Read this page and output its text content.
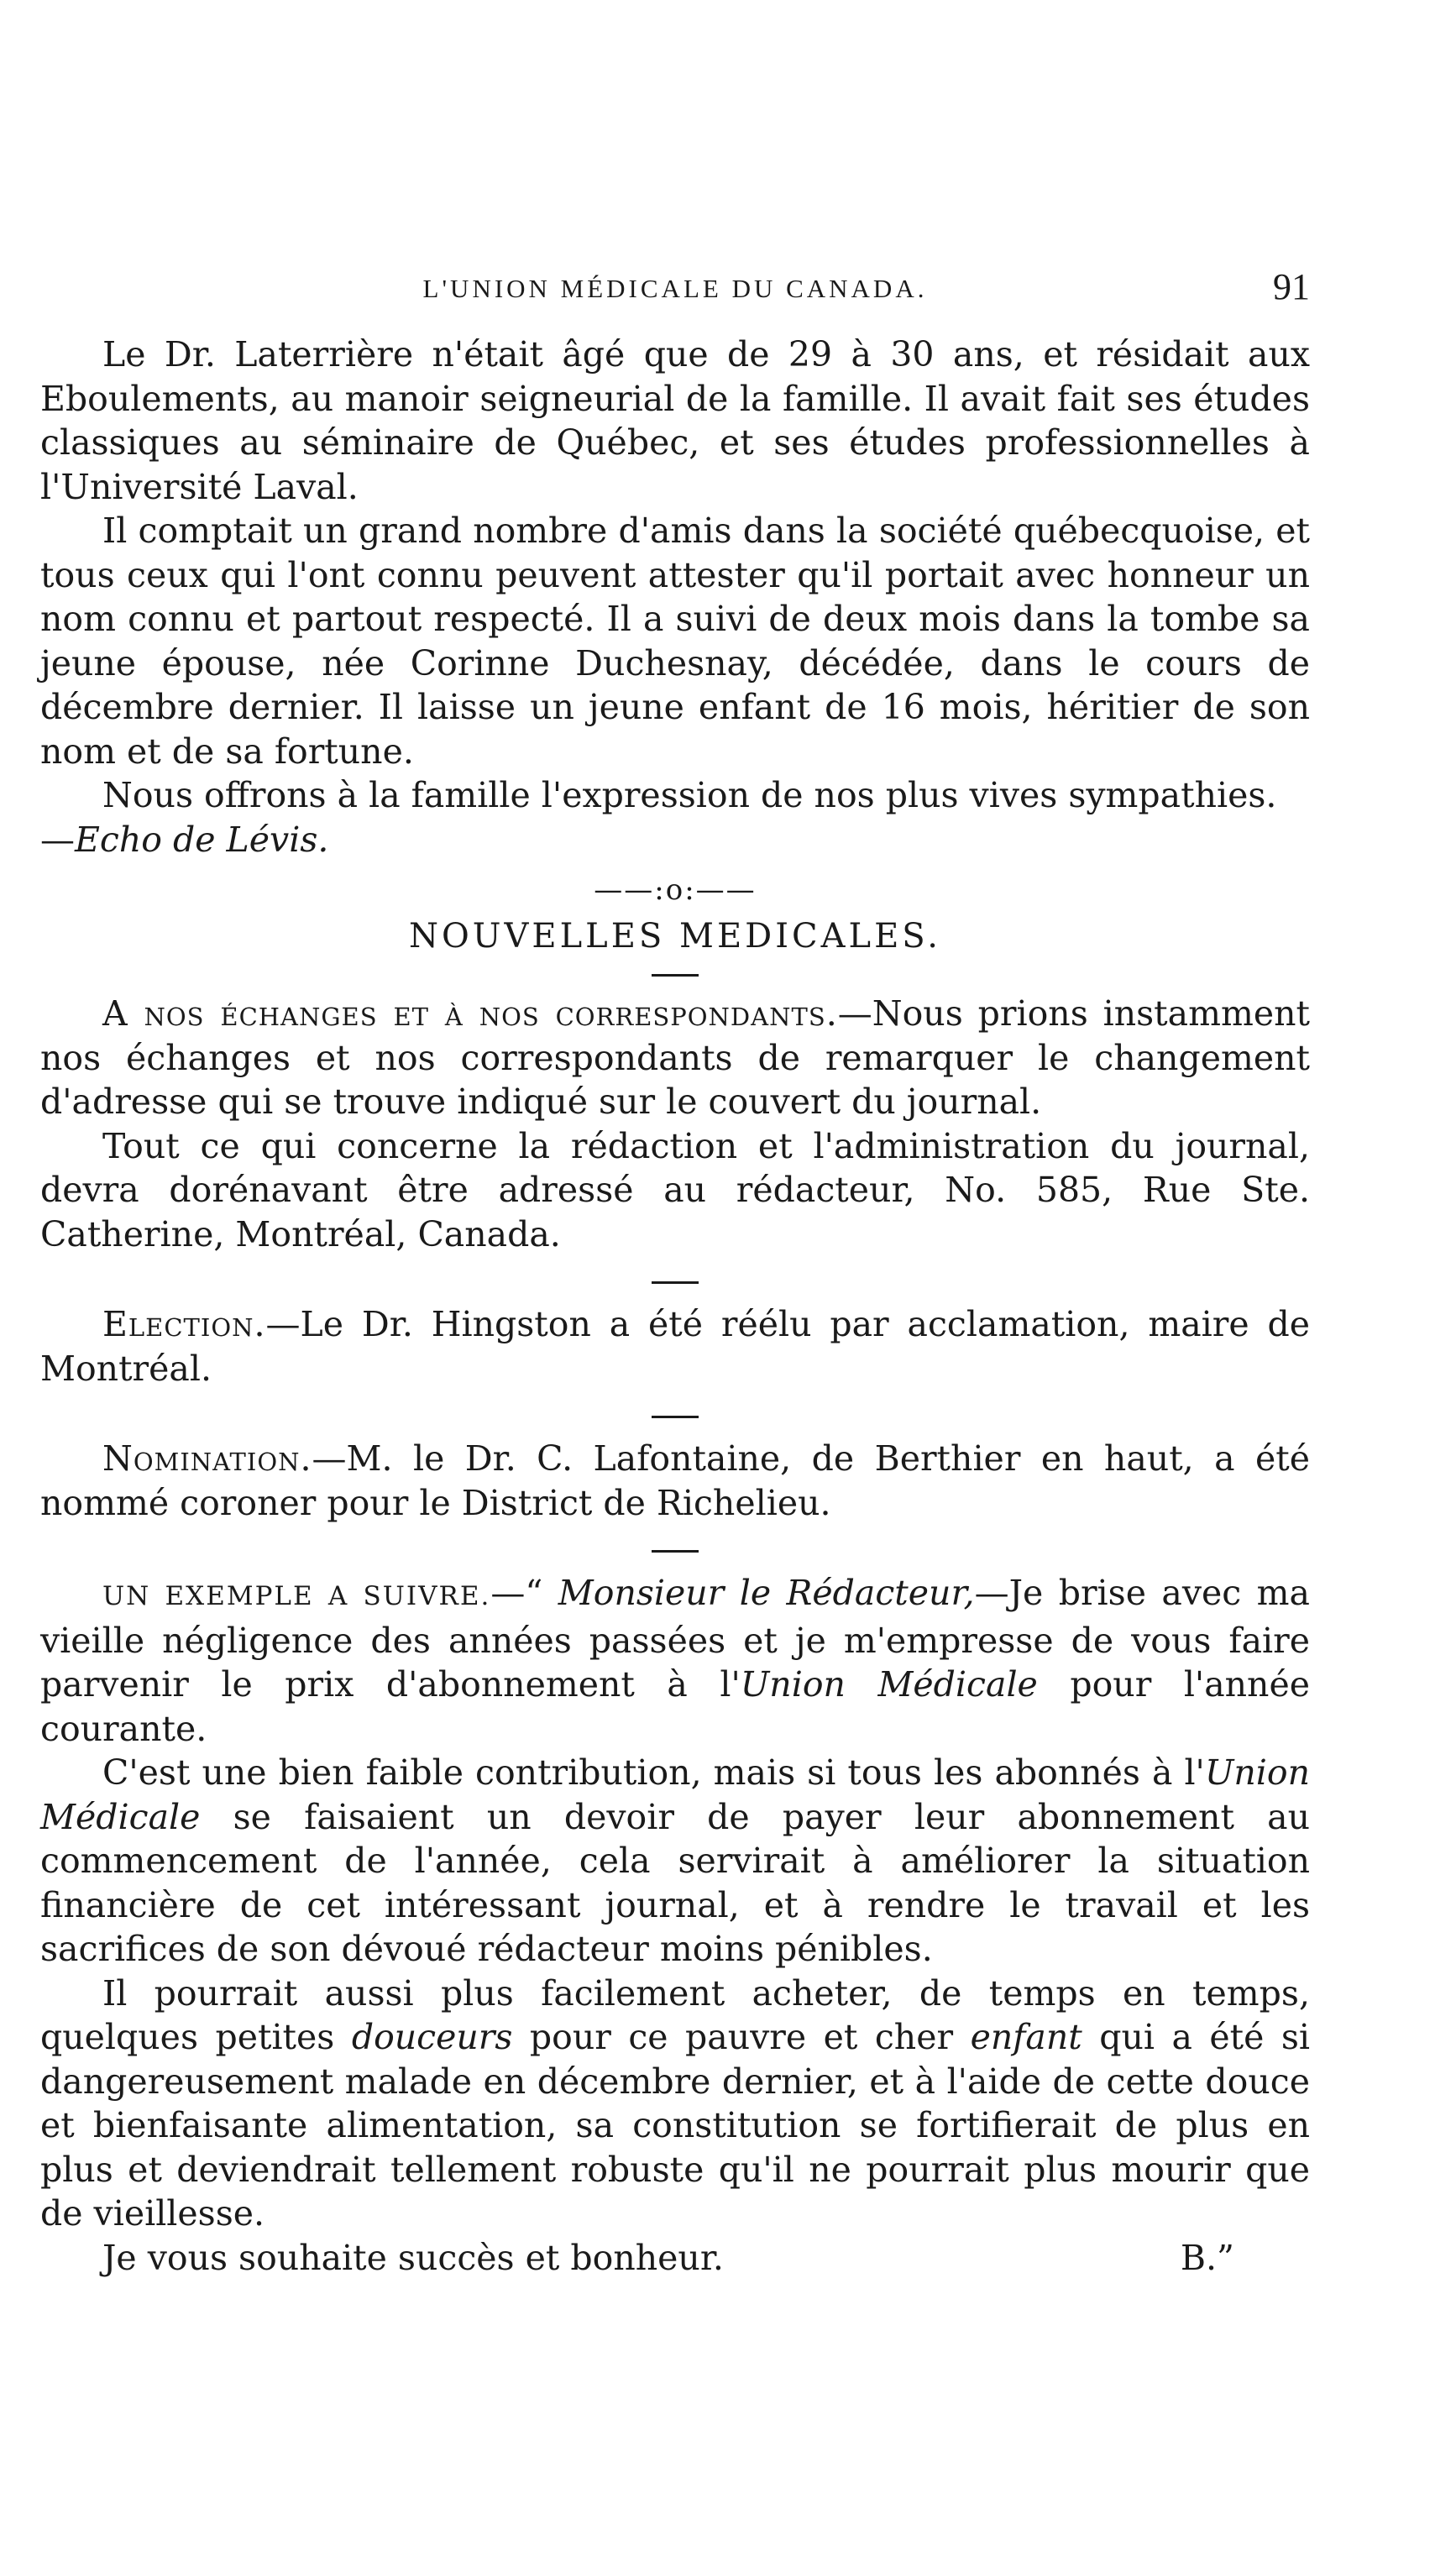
L'UNION MÉDICALE DU CANADA.	91

Le Dr. Laterrière n'était âgé que de 29 à 30 ans, et résidait aux Eboulements, au manoir seigneurial de la famille. Il avait fait ses études classiques au séminaire de Québec, et ses études professionnelles à l'Université Laval.

Il comptait un grand nombre d'amis dans la société québecquoise, et tous ceux qui l'ont connu peuvent attester qu'il portait avec honneur un nom connu et partout respecté. Il a suivi de deux mois dans la tombe sa jeune épouse, née Corinne Duchesnay, décédée, dans le cours de décembre dernier. Il laisse un jeune enfant de 16 mois, héritier de son nom et de sa fortune.

Nous offrons à la famille l'expression de nos plus vives sympathies.

—Echo de Lévis.

——:o:——
NOUVELLES MEDICALES.

A nos échanges et à nos correspondants.—Nous prions instamment nos échanges et nos correspondants de remarquer le changement d'adresse qui se trouve indiqué sur le couvert du journal.

Tout ce qui concerne la rédaction et l'administration du journal, devra dorénavant être adressé au rédacteur, No. 585, Rue Ste. Catherine, Montréal, Canada.

Election.—Le Dr. Hingston a été réélu par acclamation, maire de Montréal.

Nomination.—M. le Dr. C. Lafontaine, de Berthier en haut, a été nommé coroner pour le District de Richelieu.

UN EXEMPLE A SUIVRE.—“ Monsieur le Rédacteur,—Je brise avec ma vieille négligence des années passées et je m'empresse de vous faire parvenir le prix d'abonnement à l'Union Médicale pour l'année courante.

C'est une bien faible contribution, mais si tous les abonnés à l'Union Médicale se faisaient un devoir de payer leur abonnement au commencement de l'année, cela servirait à améliorer la situation financière de cet intéressant journal, et à rendre le travail et les sacrifices de son dévoué rédacteur moins pénibles.

Il pourrait aussi plus facilement acheter, de temps en temps, quelques petites douceurs pour ce pauvre et cher enfant qui a été si dangereusement malade en décembre dernier, et à l'aide de cette douce et bienfaisante alimentation, sa constitution se fortifierait de plus en plus et deviendrait tellement robuste qu'il ne pourrait plus mourir que de vieillesse.

Je vous souhaite succès et bonheur.	B.”
